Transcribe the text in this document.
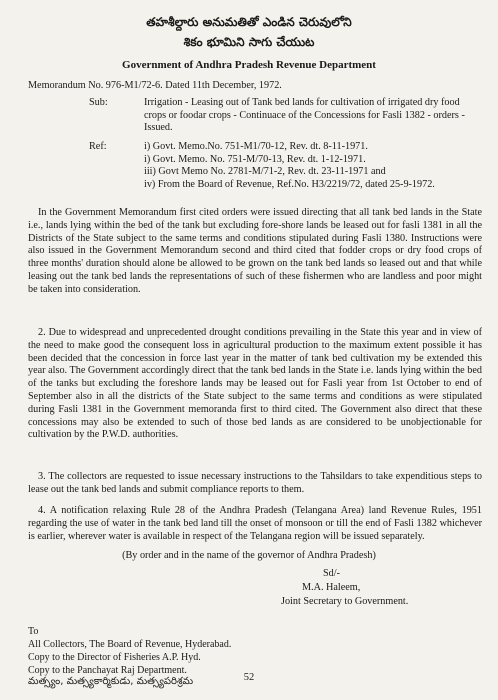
తహశీల్దారు అనుమతితో ఎండిన చెరువులోని
శికం భూమిని సాగు చేయుట
Government of Andhra Pradesh Revenue Department
Memorandum No. 976-M1/72-6. Dated 11th December, 1972.
Sub:	Irrigation - Leasing out of Tank bed lands for cultivation of irrigated dry food crops or foodar crops - Continuace of the Concessions for Fasli 1382 - orders - Issued.
Ref:	i) Govt. Memo.No. 751-M1/70-12, Rev. dt. 8-11-1971.
i) Govt. Memo. No. 751-M/70-13, Rev. dt. 1-12-1971.
iii) Govt Memo No. 2781-M/71-2, Rev. dt. 23-11-1971 and
iv) From the Board of Revenue, Ref.No. H3/2219/72, dated 25-9-1972.

In the Government Memorandum first cited orders were issued directing that all tank bed lands in the State i.e., lands lying within the bed of the tank but excluding fore-shore lands be leased out for fasli 1381 in all the Districts of the State subject to the same terms and conditions stipulated during Fasli 1380. Instructions were also issued in the Government Memorandum second and third cited that fodder crops or dry food crops of three months' duration should alone be allowed to be grown on the tank bed lands so leased out and that while leasing out the tank bed lands the representations of such of these fishermen who are landless and poor might be taken into consideration.

2. Due to widespread and unprecedented drought conditions prevailing in the State this year and in view of the need to make good the consequent loss in agricultural production to the maximum extent possible it has been decided that the concession in force last year in the matter of tank bed cultivation my be extended this year also. The Government accordingly direct that the tank bed lands in the State i.e. lands lying within the bed of the tanks but excluding the foreshore lands may be leased out for Fasli year from 1st October to end of September also in all the districts of the State subject to the same terms and conditions as were stipulated during Fasli 1381 in the Government memoranda first to third cited. The Government also direct that these concessions may also be extended to such of those bed lands as are considered to be unobjectionable for cultivation by the P.W.D. authorities.

3. The collectors are requested to issue necessary instructions to the Tahsildars to take expenditious steps to lease out the tank bed lands and submit compliance reports to them.

4. A notification relaxing Rule 28 of the Andhra Pradesh (Telangana Area) land Revenue Rules, 1951 regarding the use of water in the tank bed land till the onset of monsoon or till the end of Fasli 1382 whichever is earlier, wherever water is available in respect of the Telangana region will be issued separately.

(By order and in the name of the governor of Andhra Pradesh)
Sd/-
M.A. Haleem,
Joint Secretary to Government.
To
All Collectors, The Board of Revenue, Hyderabad.
Copy to the Director of Fisheries A.P. Hyd.
Copy to the Panchayat Raj Department.
మత్స్యం, మత్స్యకార్మికుడు, మత్స్యపరిశ్రమ	52
